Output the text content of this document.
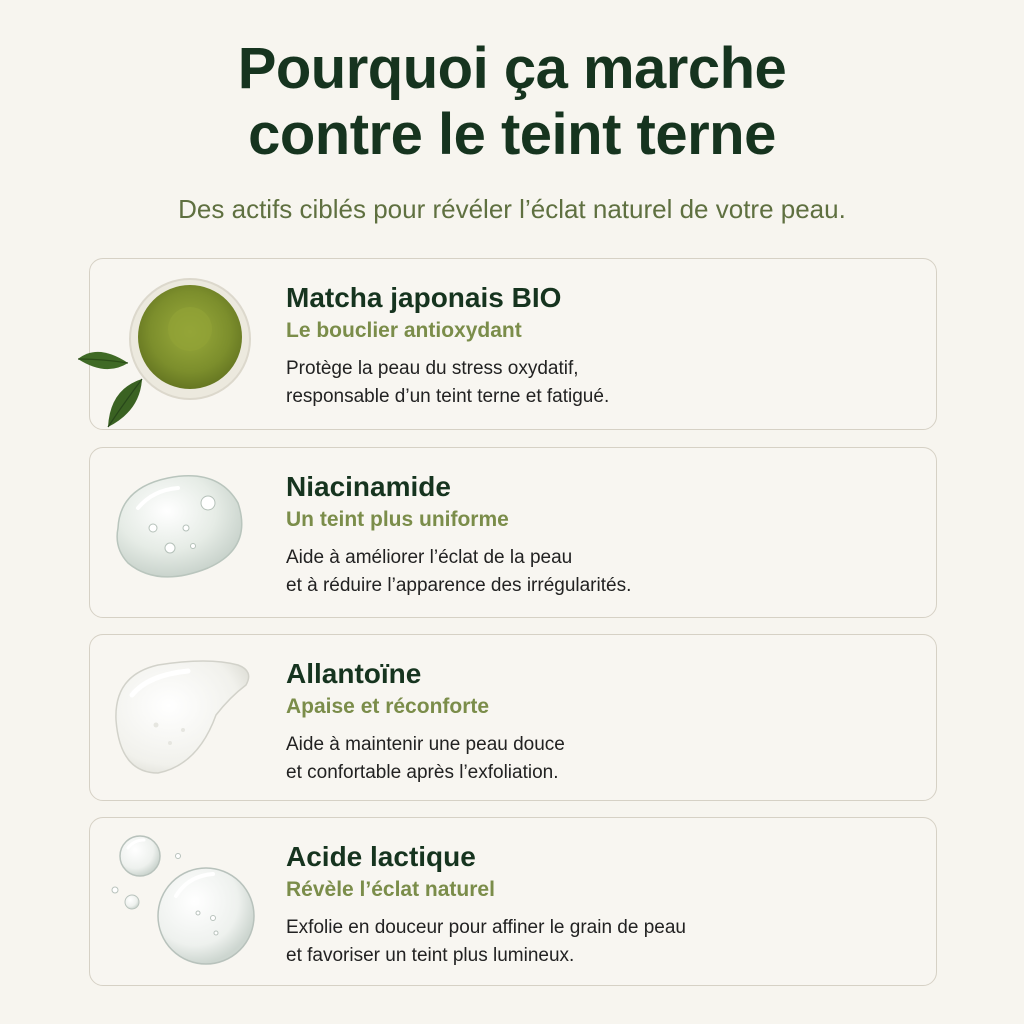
Pourquoi ça marche
contre le teint terne

Des actifs ciblés pour révéler l’éclat naturel de votre peau.

Matcha japonais BIO

Le bouclier antioxydant

Protège la peau du stress oxydatif,
responsable d’un teint terne et fatigué.

Niacinamide

Un teint plus uniforme

Aide à améliorer l’éclat de la peau
et à réduire l’apparence des irrégularités.

Allantoïne

Apaise et réconforte

Aide à maintenir une peau douce
et confortable après l’exfoliation.

Acide lactique

Révèle l’éclat naturel

Exfolie en douceur pour affiner le grain de peau
et favoriser un teint plus lumineux.
